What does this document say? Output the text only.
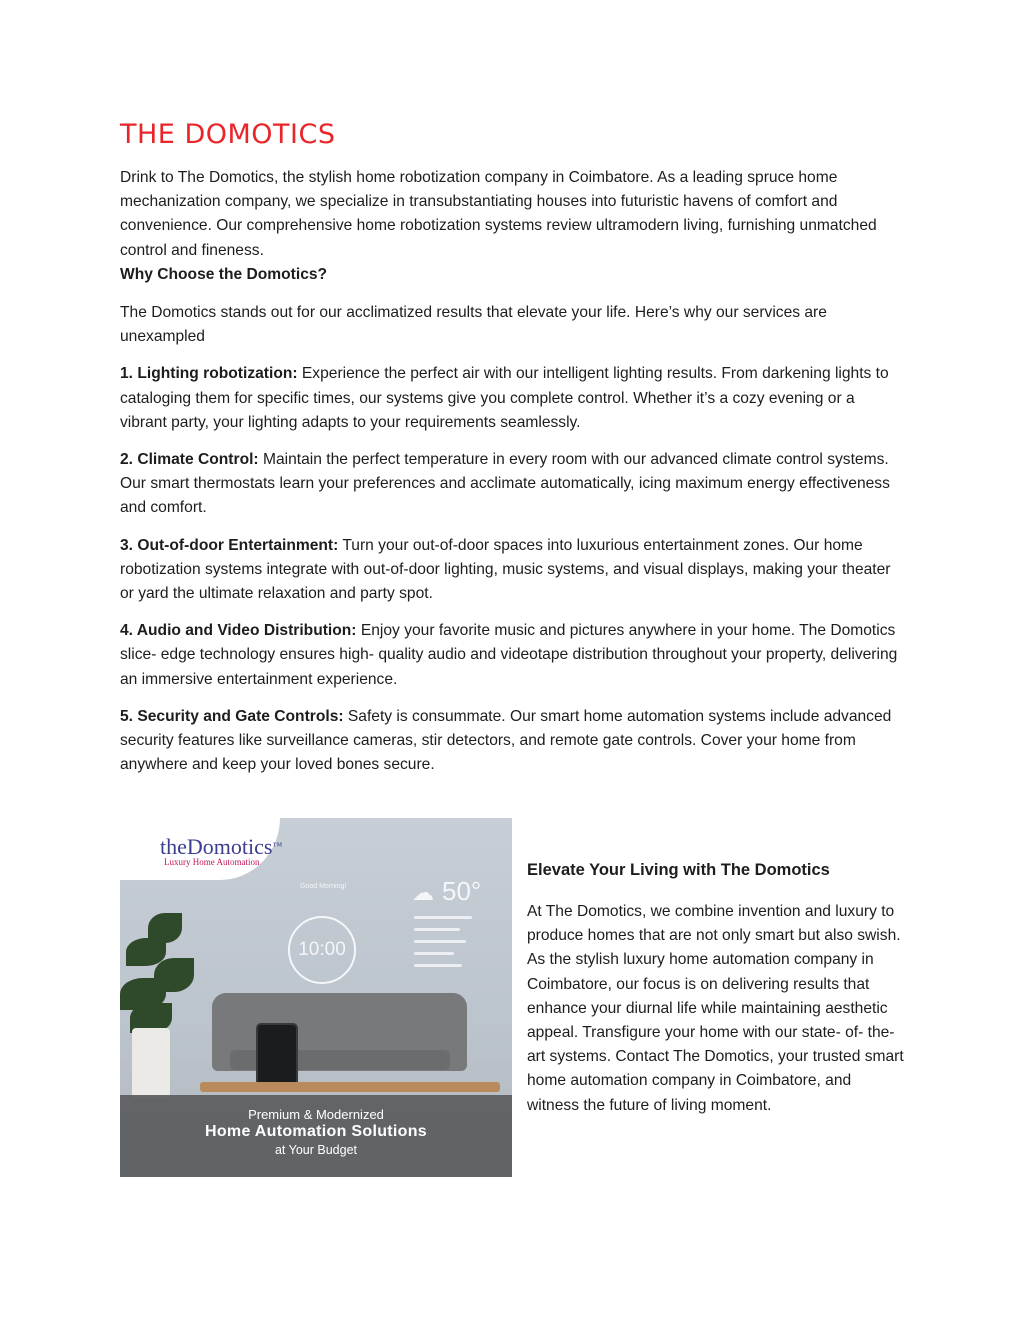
THE DOMOTICS

Drink to The Domotics, the stylish home robotization company in Coimbatore. As a leading spruce home mechanization company, we specialize in transubstantiating houses into futuristic havens of comfort and convenience. Our comprehensive home robotization systems review ultramodern living, furnishing unmatched control and fineness.

Why Choose the Domotics?

The Domotics stands out for our acclimatized results that elevate your life. Here’s why our services are unexampled

1. Lighting robotization: Experience the perfect air with our intelligent lighting results. From darkening lights to cataloging them for specific times, our systems give you complete control. Whether it’s a cozy evening or a vibrant party, your lighting adapts to your requirements seamlessly.

2. Climate Control: Maintain the perfect temperature in every room with our advanced climate control systems. Our smart thermostats learn your preferences and acclimate automatically, icing maximum energy effectiveness and comfort.

3. Out-of-door Entertainment: Turn your out-of-door spaces into luxurious entertainment zones. Our home robotization systems integrate with out-of-door lighting, music systems, and visual displays, making your theater or yard the ultimate relaxation and party spot.

4. Audio and Video Distribution: Enjoy your favorite music and pictures anywhere in your home. The Domotics slice- edge technology ensures high- quality audio and videotape distribution throughout your property, delivering an immersive entertainment experience.

5. Security and Gate Controls: Safety is consummate. Our smart home automation systems include advanced security features like surveillance cameras, stir detectors, and remote gate controls. Cover your home from anywhere and keep your loved bones secure.

theDomotics™
Luxury Home Automation
Good Morning!
10:00
☁ 50°
Premium & Modernized
Home Automation Solutions
at Your Budget
Elevate Your Living with The Domotics

At The Domotics, we combine invention and luxury to produce homes that are not only smart but also swish. As the stylish luxury home automation company in Coimbatore, our focus is on delivering results that enhance your diurnal life while maintaining aesthetic appeal. Transfigure your home with our state- of- the- art systems. Contact The Domotics, your trusted smart home automation company in Coimbatore, and witness the future of living moment.
